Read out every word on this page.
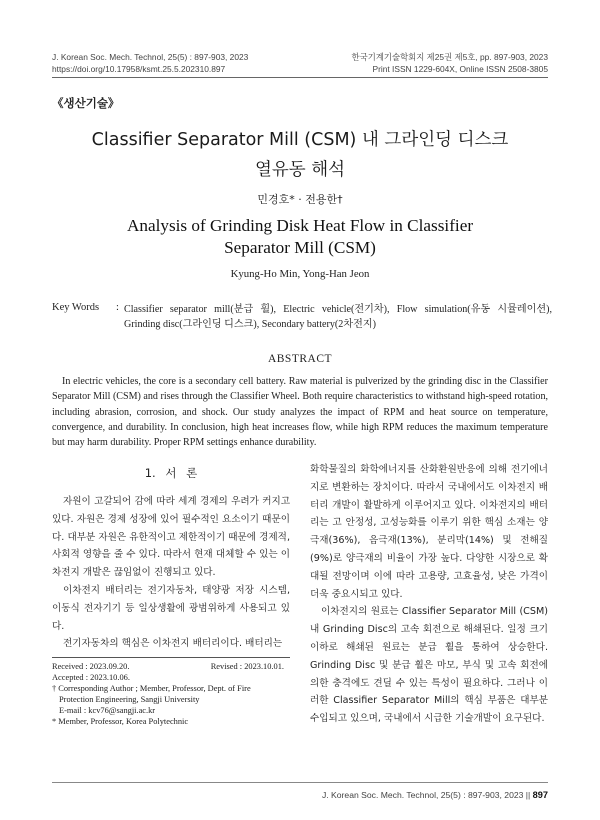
J. Korean Soc. Mech. Technol, 25(5) : 897-903, 2023
https://doi.org/10.17958/ksmt.25.5.202310.897
한국기계기술학회지 제25권 제5호, pp. 897-903, 2023
Print ISSN 1229-604X, Online ISSN 2508-3805
《생산기술》
Classifier Separator Mill (CSM) 내 그라인딩 디스크
열유동 해석
민경호* · 전용한†
Analysis of Grinding Disk Heat Flow in Classifier
Separator Mill (CSM)
Kyung-Ho Min, Yong-Han Jeon
Key Words : Classifier separator mill(분급 휠), Electric vehicle(전기차), Flow simulation(유동 시뮬레이션), Grinding disc(그라인딩 디스크), Secondary battery(2차전지)
ABSTRACT
In electric vehicles, the core is a secondary cell battery. Raw material is pulverized by the grinding disc in the Classifier Separator Mill (CSM) and rises through the Classifier Wheel. Both require characteristics to withstand high-speed rotation, including abrasion, corrosion, and shock. Our study analyzes the impact of RPM and heat source on temperature, convergence, and durability. In conclusion, high heat increases flow, while high RPM reduces the maximum temperature but may harm durability. Proper RPM settings enhance durability.
1. 서 론

자원이 고갈되어 감에 따라 세계 경제의 우려가 커지고 있다. 자원은 경제 성장에 있어 필수적인 요소이기 때문이다. 대부분 자원은 유한적이고 제한적이기 때문에 경제적, 사회적 영향을 줄 수 있다. 따라서 현재 대체할 수 있는 이차전지 개발은 끊임없이 진행되고 있다.

이차전지 배터리는 전기자동차, 태양광 저장 시스템, 이동식 전자기기 등 일상생활에 광범위하게 사용되고 있다.

전기자동차의 핵심은 이차전지 배터리이다. 배터리는

화학물질의 화학에너지를 산화환원반응에 의해 전기에너지로 변환하는 장치이다. 따라서 국내에서도 이차전지 배터리 개발이 활발하게 이루어지고 있다. 이차전지의 배터리는 고 안정성, 고성능화를 이루기 위한 핵심 소재는 양극재(36%), 음극재(13%), 분리막(14%) 및 전해질(9%)로 양극재의 비율이 가장 높다. 다양한 시장으로 확대될 전망이며 이에 따라 고용량, 고효율성, 낮은 가격이 더욱 중요시되고 있다.

이차전지의 원료는 Classifier Separator Mill (CSM) 내 Grinding Disc의 고속 회전으로 해쇄된다. 일정 크기 이하로 해쇄된 원료는 분급 휠을 통하여 상승한다. Grinding Disc 및 분급 휠은 마모, 부식 및 고속 회전에 의한 충격에도 견딜 수 있는 특성이 필요하다. 그러나 이러한 Classifier Separator Mill의 핵심 부품은 대부분 수입되고 있으며, 국내에서 시급한 기술개발이 요구된다.

Received : 2023.09.20.	Revised : 2023.10.01.
Accepted : 2023.10.06.
† Corresponding Author ; Member, Professor, Dept. of Fire
Protection Engineering, Sangji University
E-mail : kcv76@sangji.ac.kr
* Member, Professor, Korea Polytechnic
J. Korean Soc. Mech. Technol, 25(5) : 897-903, 2023 || 897
